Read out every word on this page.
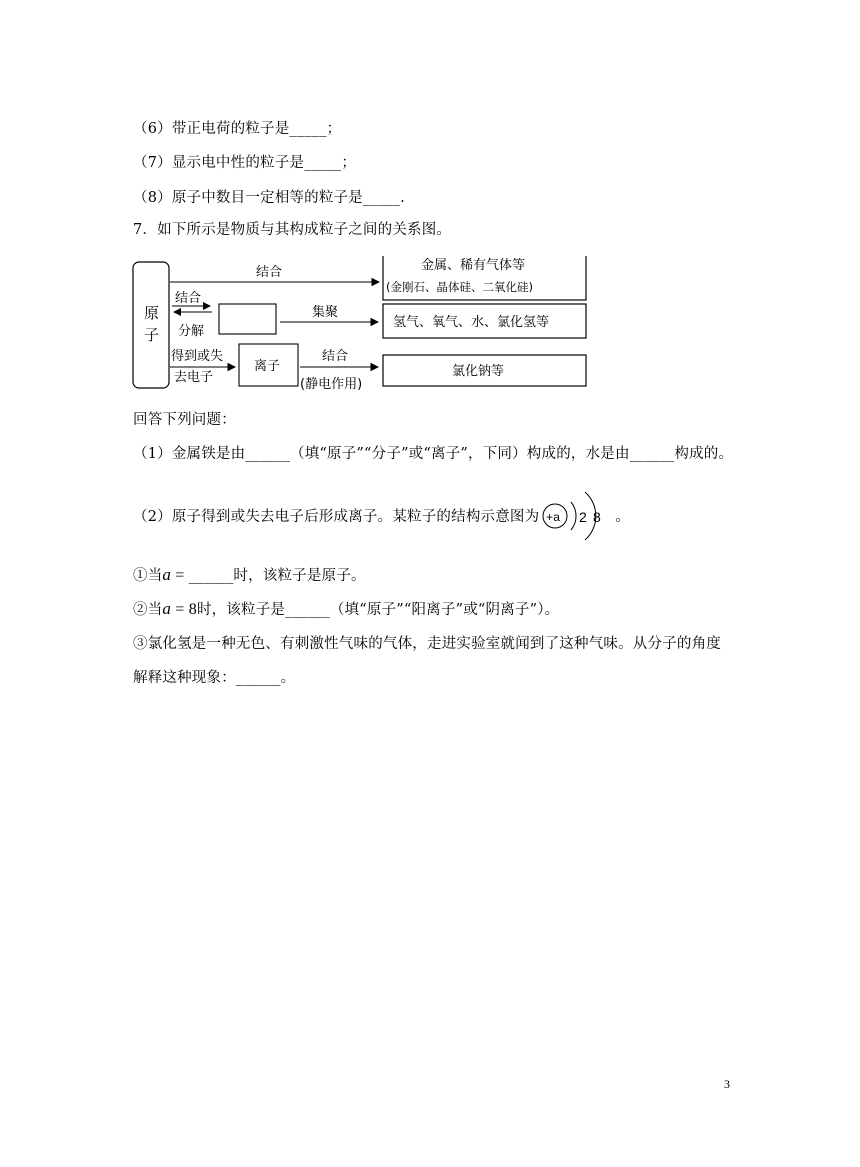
（6）带正电荷的粒子是_____；
（7）显示电中性的粒子是_____；
（8）原子中数目一定相等的粒子是_____.
7．如下所示是物质与其构成粒子之间的关系图。
原
子
结合
结合
分解
集聚
得到或失
去电子
离子
结合
(静电作用)
金属、稀有气体等
(金刚石、晶体硅、二氧化硅)
氢气、氧气、水、氯化氢等
氯化钠等
回答下列问题：
（1）金属铁是由______（填“原子”“分子”或“离子”，下同）构成的，水是由______构成的。
（2）原子得到或失去电子后形成离子。某粒子的结构示意图为 +a 2 8 。
①当a = ______时，该粒子是原子。
②当a = 8时，该粒子是______（填“原子”“阳离子”或“阴离子”）。
③氯化氢是一种无色、有刺激性气味的气体，走进实验室就闻到了这种气味。从分子的角度
解释这种现象：______。
3
